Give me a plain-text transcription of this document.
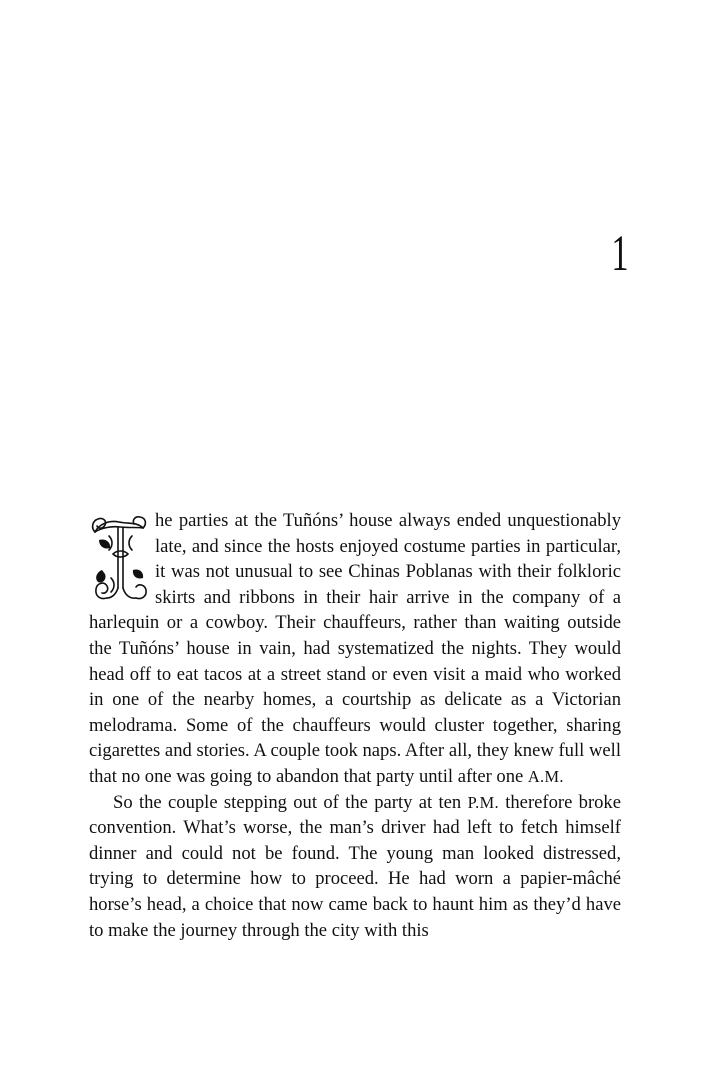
1

he parties at the Tuñóns’ house always ended unquestionably late, and since the hosts enjoyed costume parties in particular, it was not unusual to see Chinas Poblanas with their folkloric skirts and ribbons in their hair arrive in the company of a harlequin or a cowboy. Their chauffeurs, rather than waiting outside the Tuñóns’ house in vain, had systematized the nights. They would head off to eat tacos at a street stand or even visit a maid who worked in one of the nearby homes, a courtship as delicate as a Victorian melodrama. Some of the chauffeurs would cluster together, sharing cigarettes and stories. A couple took naps. After all, they knew full well that no one was going to abandon that party until after one A.M.

So the couple stepping out of the party at ten P.M. therefore broke convention. What’s worse, the man’s driver had left to fetch himself dinner and could not be found. The young man looked distressed, trying to determine how to proceed. He had worn a papier-mâché horse’s head, a choice that now came back to haunt him as they’d have to make the journey through the city with this
